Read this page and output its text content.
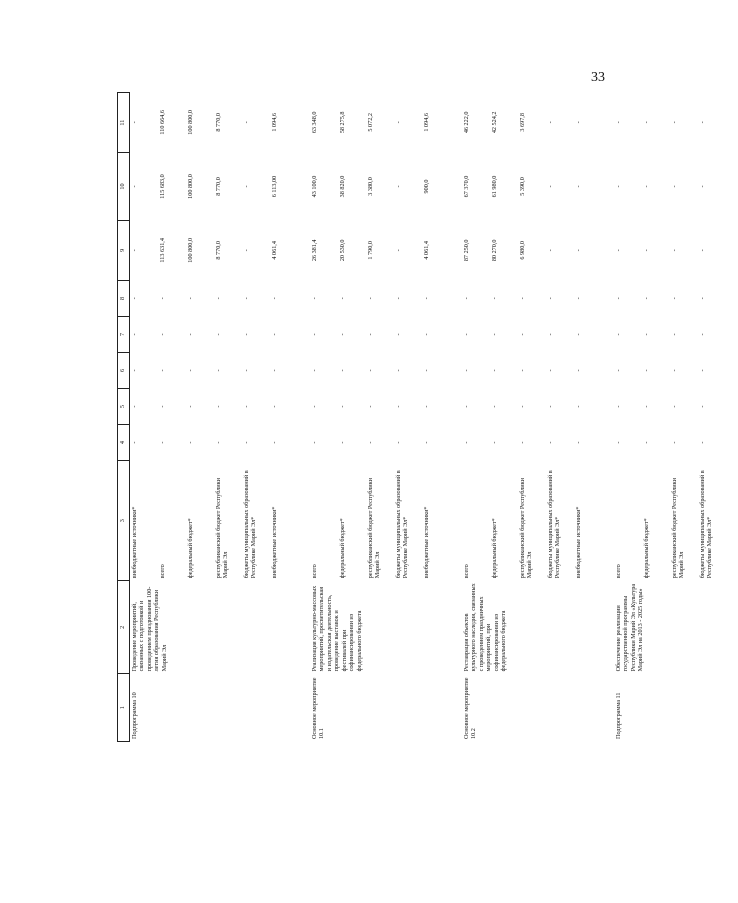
33
1	2	3	4	5	6	7	8	9	10	11
Подпрограмма 10	Проведение мероприятий, связанных с подготовкой и проведением празднования 100-летия образования Республики Марий Эл	внебюджетные источники*	-	-	-	-	-	-	-	-
		всего	-	-	-	-	-	113 631,4	115 683,0	110 664,6
		федеральный бюджет*	-	-	-	-	-	100 800,0	100 800,0	100 800,0
		республиканский бюджет Республики Марий Эл	-	-	-	-	-	8 770,0	8 770,0	8 770,0
		бюджеты муниципальных образований в Республике Марий Эл*	-	-	-	-	-	-	-	-
		внебюджетные источники*	-	-	-	-	-	4 061,4	6 113,00	1 094,6

Основное мероприятие 10.1	Реализация культурно-массовых мероприятий, просветительская и издательская деятельность, проведение выставок и фестивалей при софинансировании из федерального бюджета	всего	-	-	-	-	-	26 381,4	43 100,0	63 348,0
		федеральный бюджет*	-	-	-	-	-	20 530,0	38 820,0	58 275,8
		республиканский бюджет Республики Марий Эл	-	-	-	-	-	1 790,0	3 380,0	5 072,2
		бюджеты муниципальных образований в Республике Марий Эл*	-	-	-	-	-	-	-	-
		внебюджетные источники*	-	-	-	-	-	4 061,4	900,0	1 094,6

Основное мероприятие 10.2	Реставрация объектов культурного наследия, связанных с проведением праздничных мероприятий, при софинансировании из федерального бюджета	всего	-	-	-	-	-	87 250,0	67 370,0	46 222,0
		федеральный бюджет*	-	-	-	-	-	80 270,0	61 980,0	42 524,2
		республиканский бюджет Республики Марий Эл	-	-	-	-	-	6 980,0	5 390,0	3 697,8
		бюджеты муниципальных образований в Республике Марий Эл*	-	-	-	-	-	-	-	-
		внебюджетные источники*	-	-	-	-	-	-	-	-

Подпрограмма 11	Обеспечение реализации государственной программы Республики Марий Эл «Культура Марий Эл на 2013 - 2025 годы»	всего	-	-	-	-	-	-	-	-
		федеральный бюджет*	-	-	-	-	-	-	-	-
		республиканский бюджет Республики Марий Эл	-	-	-	-	-	-	-	-
		бюджеты муниципальных образований в Республике Марий Эл*	-	-	-	-	-	-	-	-
